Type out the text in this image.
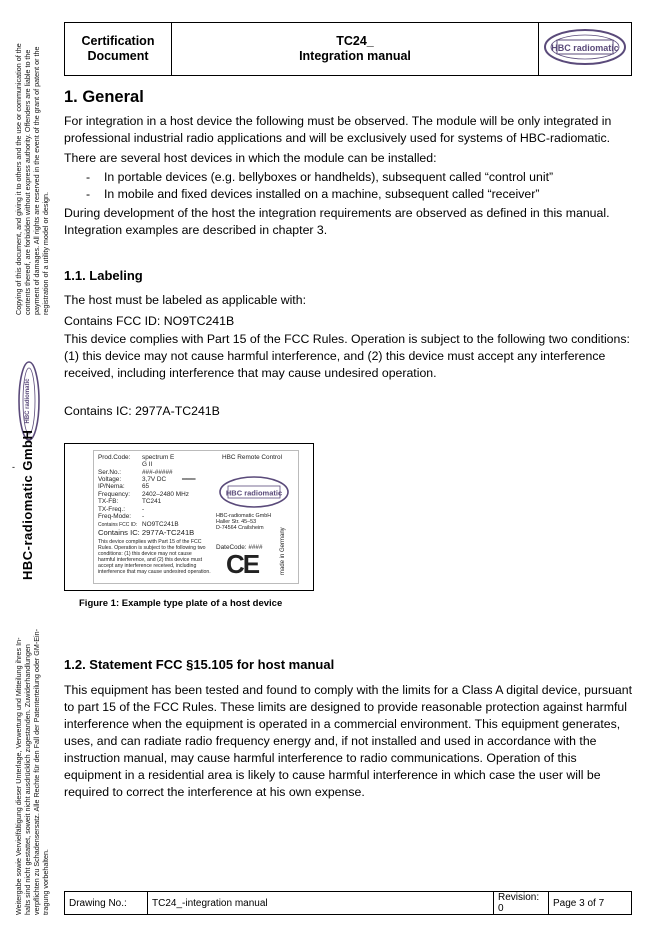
Copying of this document, and giving it to others and the use or communication of the contents thereof, are forbidden without express authority. Offenders are liable to the payment of damages. All rights are reserved in the event of the grant of patent or the registration of a utility model or design.
HBC radiomatic
- HBC-radiomatic GmbH
Weitergabe sowie Vervielfältigung dieser Unterlage, Verwertung und Mitteilung ihres In- halts sind nicht gestattet, soweit nicht ausdrücklich zugestanden. Zuwiderhandlungen verpflichten zu Schadensersatz. Alle Rechte für den Fall der Patenterteilung oder GM-Ein- tragung vorbehalten.
Certification
Document

TC24_
Integration manual

HBC radiomatic
1. General

For integration in a host device the following must be observed. The module will be only integrated in professional industrial radio applications and will be exclusively used for systems of HBC-radiomatic.

There are several host devices in which the module can be installed:

- In portable devices (e.g. bellyboxes or handhelds), subsequent called “control unit”
- In mobile and fixed devices installed on a machine, subsequent called “receiver”

During development of the host the integration requirements are observed as defined in this manual. Integration examples are described in chapter 3.

1.1. Labeling

The host must be labeled as applicable with:

Contains FCC ID: NO9TC241B

This device complies with Part 15 of the FCC Rules. Operation is subject to the following two conditions: (1) this device may not cause harmful interference, and (2) this device must accept any interference received, including interference that may cause undesired operation.

Contains IC: 2977A-TC241B

Prod.Code: spectrum E
G II
Ser.No.:	###-#####
Voltage:	3,7V DC ═══
IP/Nema:	65
Frequency: 2402–2480 MHz
TX-FB:	TC241
TX-Freq.:	-
Freq-Mode: -
Contains FCC ID: NO9TC241B
Contains IC: 2977A-TC241B
This device complies with Part 15 of the FCC
Rules. Operation is subject to the following two
conditions: (1) this device may not cause
harmful interference, and (2) this device must
accept any interference received, including
interference that may cause undesired operation.
HBC Remote Control
HBC radiomatic
HBC-radiomatic GmbH
Haller Str. 45–53
D-74564 Crailsheim
DateCode: ####
CE	made in Germany
Figure 1: Example type plate of a host device
1.2. Statement FCC §15.105 for host manual

This equipment has been tested and found to comply with the limits for a Class A digital device, pursuant to part 15 of the FCC Rules. These limits are designed to provide reasonable protection against harmful interference when the equipment is operated in a commercial environment. This equipment generates, uses, and can radiate radio frequency energy and, if not installed and used in accordance with the instruction manual, may cause harmful interference to radio communications. Operation of this equipment in a residential area is likely to cause harmful interference in which case the user will be required to correct the interference at his own expense.

Drawing No.:	TC24_-integration manual	Revision: 0	Page 3 of 7
